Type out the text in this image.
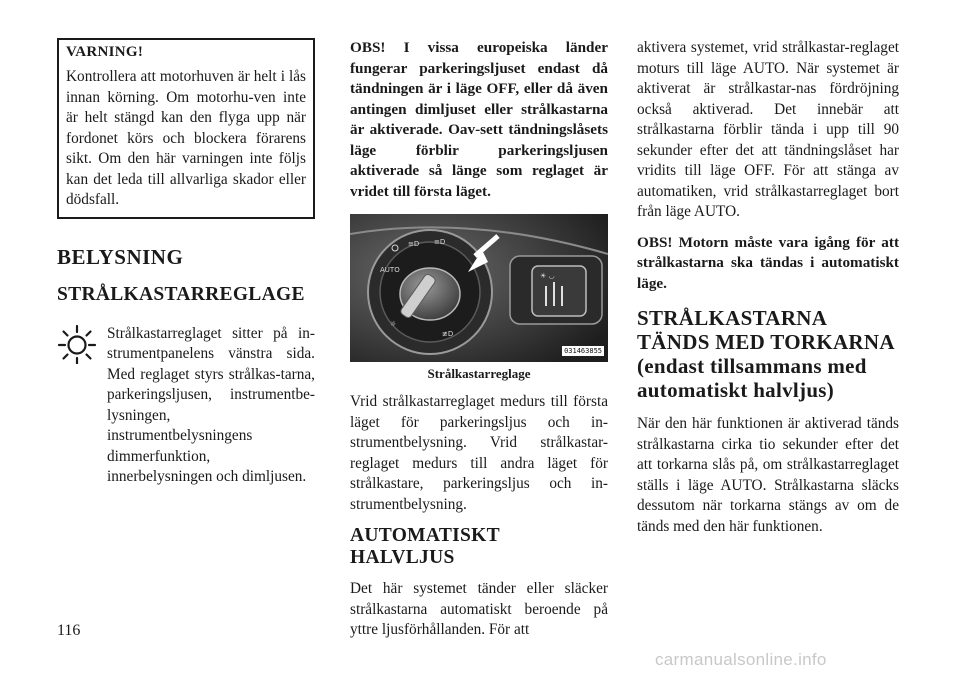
VARNING!
Kontrollera att motorhuven är helt i lås innan körning. Om motorhu-ven inte är helt stängd kan den flyga upp när fordonet körs och blockera förarens sikt. Om den här varningen inte följs kan det leda till allvarliga skador eller dödsfall.
BELYSNING
STRÅLKASTARREGLAGE

Strålkastarreglaget sitter på in-strumentpanelens vänstra sida. Med reglaget styrs strålkas-tarna, parkeringsljusen, instrumentbe-lysningen, instrumentbelysningens dimmerfunktion, innerbelysningen och dimljusen.

OBS! I vissa europeiska länder fungerar parkeringsljuset endast då tändningen är i läge OFF, eller då även antingen dimljuset eller strålkastarna är aktiverade. Oav-sett tändningslåsets läge förblir parkeringsljusen aktiverade så länge som reglaget är vridet till första läget.

AUTO
≡D ≡D
☼
≢D
☀ ◡
031463855
Strålkastarreglage

Vrid strålkastarreglaget medurs till första läget för parkeringsljus och in-strumentbelysning. Vrid strålkastar-reglaget medurs till andra läget för strålkastare, parkeringsljus och in-strumentbelysning.

AUTOMATISKT HALVLJUS

Det här systemet tänder eller släcker strålkastarna automatiskt beroende på yttre ljusförhållanden. För att

aktivera systemet, vrid strålkastar-reglaget moturs till läge AUTO. När systemet är aktiverat är strålkastar-nas fördröjning också aktiverad. Det innebär att strålkastarna förblir tända i upp till 90 sekunder efter det att tändningslåset har vridits till läge OFF. För att stänga av automatiken, vrid strålkastarreglaget bort från läge AUTO.

OBS! Motorn måste vara igång för att strålkastarna ska tändas i automatiskt läge.

STRÅLKASTARNA TÄNDS MED TORKARNA (endast tillsammans med automatiskt halvljus)

När den här funktionen är aktiverad tänds strålkastarna cirka tio sekunder efter det att torkarna slås på, om strålkastarreglaget ställs i läge AUTO. Strålkastarna släcks dessutom när torkarna stängs av om de tänds med den här funktionen.

116
carmanualsonline.info
